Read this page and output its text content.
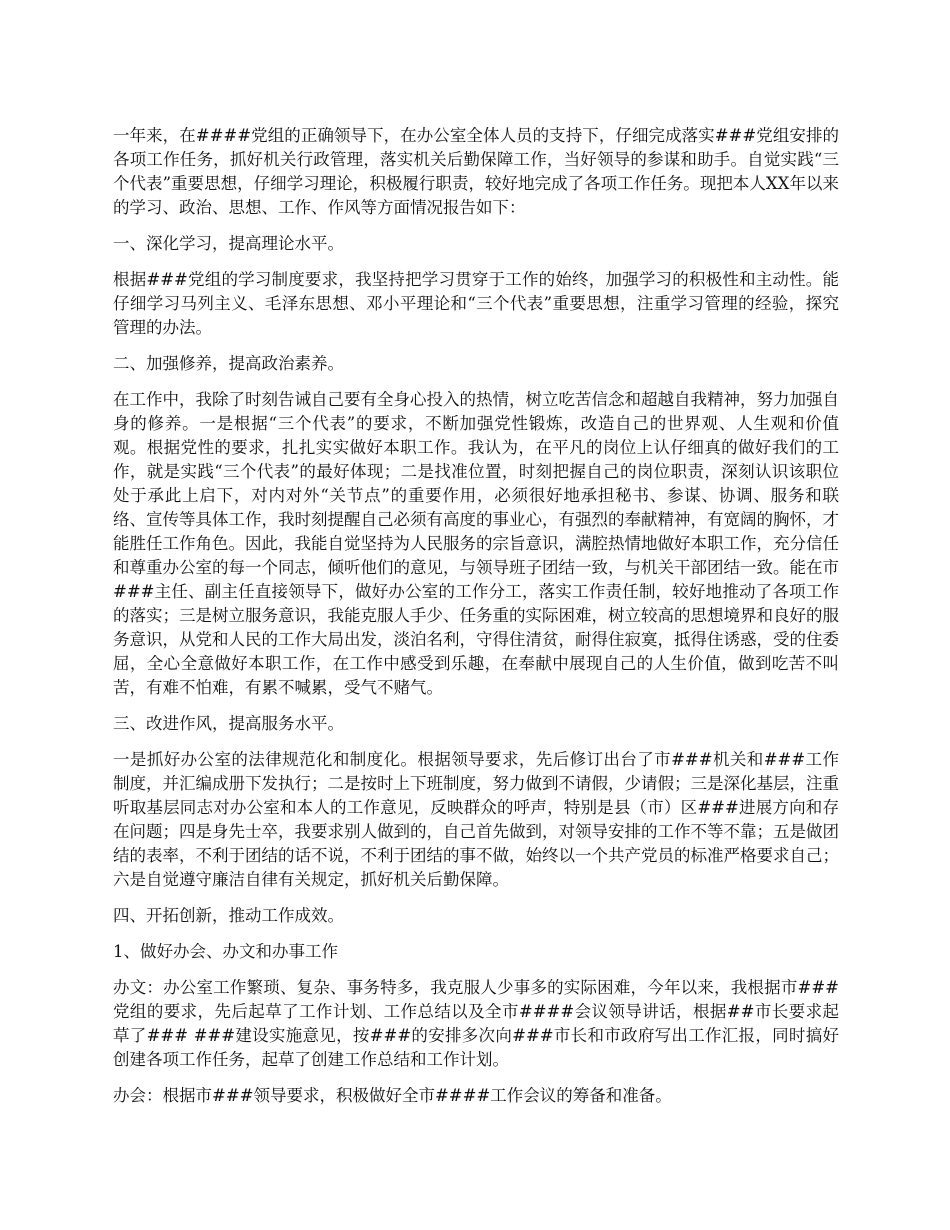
一年来，在####党组的正确领导下，在办公室全体人员的支持下，仔细完成落实###党组安排的各项工作任务，抓好机关行政管理，落实机关后勤保障工作，当好领导的参谋和助手。自觉实践“三个代表”重要思想，仔细学习理论，积极履行职责，较好地完成了各项工作任务。现把本人XX年以来的学习、政治、思想、工作、作风等方面情况报告如下：

一、深化学习，提高理论水平。

根据###党组的学习制度要求，我坚持把学习贯穿于工作的始终，加强学习的积极性和主动性。能仔细学习马列主义、毛泽东思想、邓小平理论和“三个代表”重要思想，注重学习管理的经验，探究管理的办法。

二、加强修养，提高政治素养。

在工作中，我除了时刻告诫自己要有全身心投入的热情，树立吃苦信念和超越自我精神，努力加强自身的修养。一是根据“三个代表”的要求，不断加强党性锻炼，改造自己的世界观、人生观和价值观。根据党性的要求，扎扎实实做好本职工作。我认为，在平凡的岗位上认仔细真的做好我们的工作，就是实践“三个代表”的最好体现；二是找准位置，时刻把握自己的岗位职责，深刻认识该职位处于承此上启下，对内对外“关节点”的重要作用，必须很好地承担秘书、参谋、协调、服务和联络、宣传等具体工作，我时刻提醒自己必须有高度的事业心，有强烈的奉献精神，有宽阔的胸怀，才能胜任工作角色。因此，我能自觉坚持为人民服务的宗旨意识，满腔热情地做好本职工作，充分信任和尊重办公室的每一个同志，倾听他们的意见，与领导班子团结一致，与机关干部团结一致。能在市###主任、副主任直接领导下，做好办公室的工作分工，落实工作责任制，较好地推动了各项工作的落实；三是树立服务意识，我能克服人手少、任务重的实际困难，树立较高的思想境界和良好的服务意识，从党和人民的工作大局出发，淡泊名利，守得住清贫，耐得住寂寞，抵得住诱惑，受的住委屈，全心全意做好本职工作，在工作中感受到乐趣，在奉献中展现自己的人生价值，做到吃苦不叫苦，有难不怕难，有累不喊累，受气不赌气。

三、改进作风，提高服务水平。

一是抓好办公室的法律规范化和制度化。根据领导要求，先后修订出台了市###机关和###工作制度，并汇编成册下发执行；二是按时上下班制度，努力做到不请假，少请假；三是深化基层，注重听取基层同志对办公室和本人的工作意见，反映群众的呼声，特别是县（市）区###进展方向和存在问题；四是身先士卒，我要求别人做到的，自己首先做到，对领导安排的工作不等不靠；五是做团结的表率，不利于团结的话不说，不利于团结的事不做，始终以一个共产党员的标准严格要求自己；六是自觉遵守廉洁自律有关规定，抓好机关后勤保障。

四、开拓创新，推动工作成效。

1、做好办会、办文和办事工作

办文：办公室工作繁琐、复杂、事务特多，我克服人少事多的实际困难，今年以来，我根据市###党组的要求，先后起草了工作计划、工作总结以及全市####会议领导讲话，根据##市长要求起草了### ###建设实施意见，按###的安排多次向###市长和市政府写出工作汇报，同时搞好创建各项工作任务，起草了创建工作总结和工作计划。

办会：根据市###领导要求，积极做好全市####工作会议的筹备和准备。
